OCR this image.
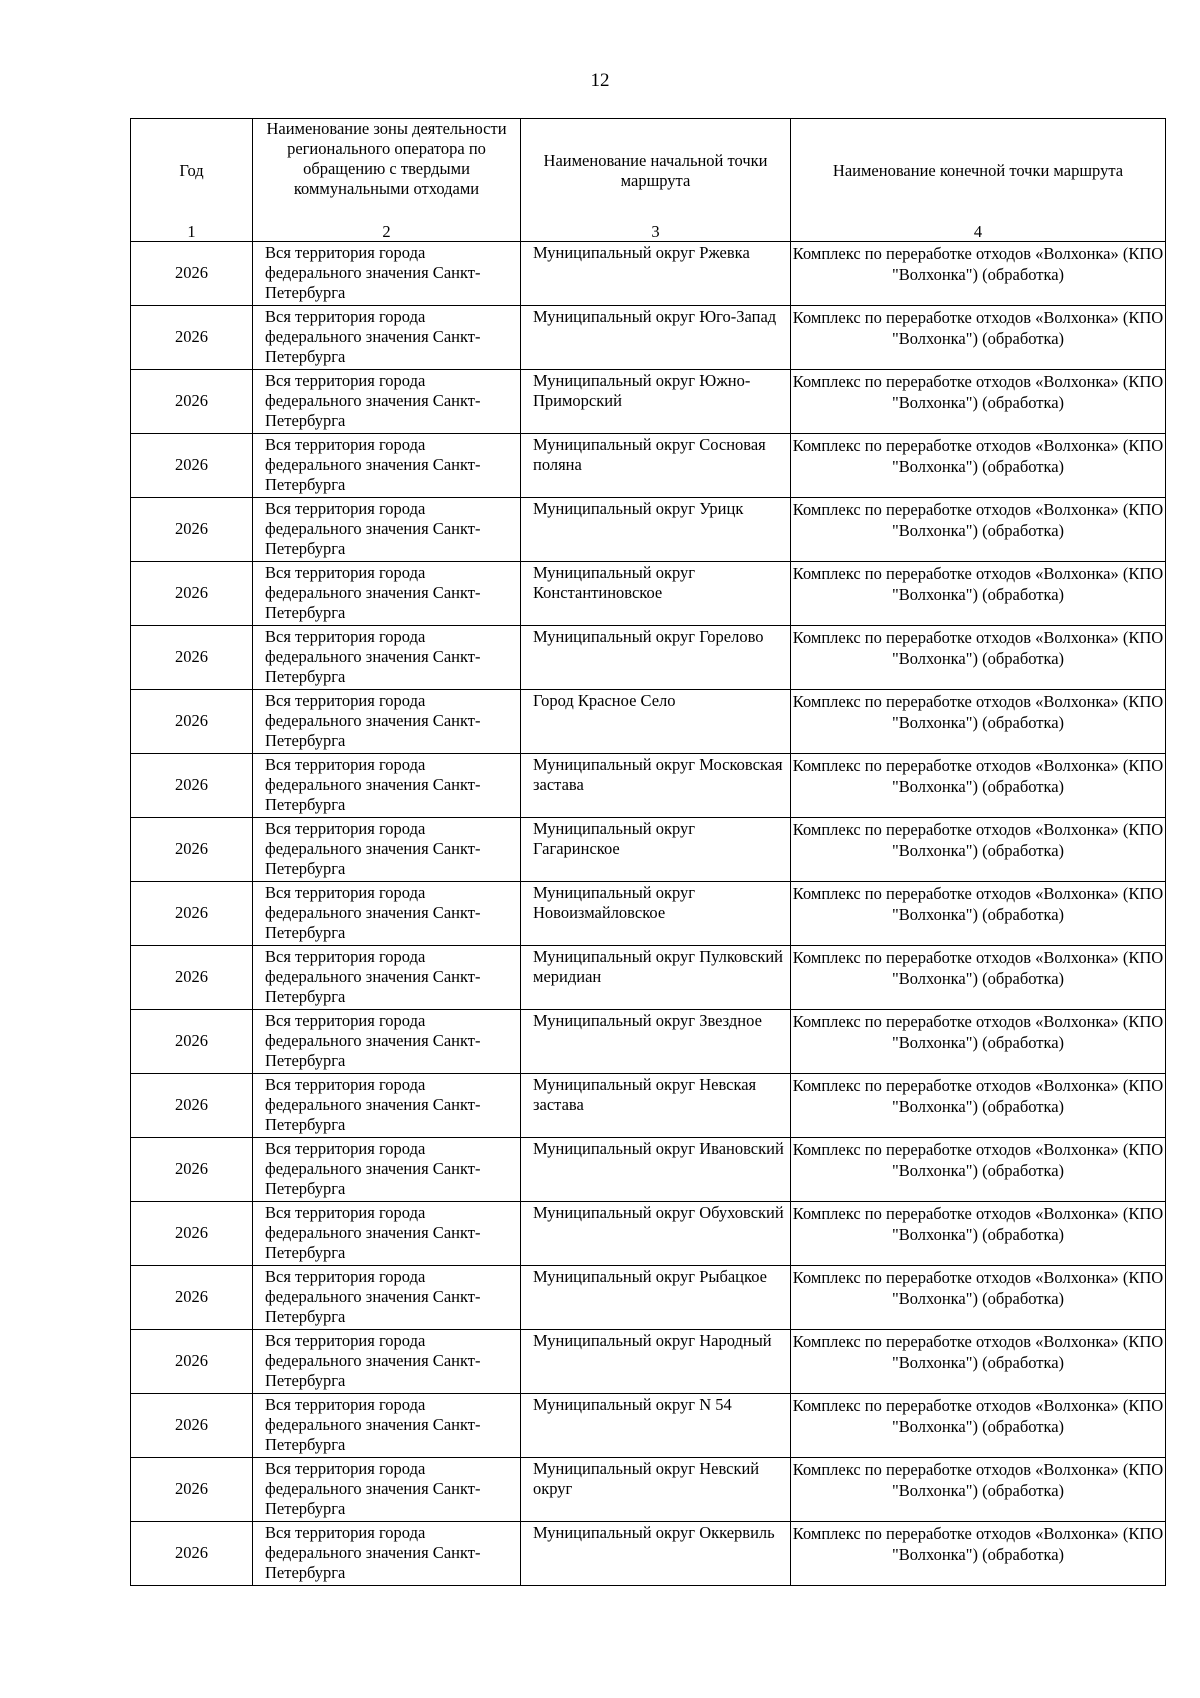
12
Год	Наименование зоны деятельности регионального оператора по обращению с твердыми коммунальными отходами	Наименование начальной точки маршрута	Наименование конечной точки маршрута
1	2	3	4
2026	Вся территория города федерального значения Санкт-Петербурга	Муниципальный округ Ржевка	Комплекс по переработке отходов «Волхонка» (КПО "Волхонка") (обработка)
2026	Вся территория города федерального значения Санкт-Петербурга	Муниципальный округ Юго-Запад	Комплекс по переработке отходов «Волхонка» (КПО "Волхонка") (обработка)
2026	Вся территория города федерального значения Санкт-Петербурга	Муниципальный округ Южно-Приморский	Комплекс по переработке отходов «Волхонка» (КПО "Волхонка") (обработка)
2026	Вся территория города федерального значения Санкт-Петербурга	Муниципальный округ Сосновая поляна	Комплекс по переработке отходов «Волхонка» (КПО "Волхонка") (обработка)
2026	Вся территория города федерального значения Санкт-Петербурга	Муниципальный округ Урицк	Комплекс по переработке отходов «Волхонка» (КПО "Волхонка") (обработка)
2026	Вся территория города федерального значения Санкт-Петербурга	Муниципальный округ Константиновское	Комплекс по переработке отходов «Волхонка» (КПО "Волхонка") (обработка)
2026	Вся территория города федерального значения Санкт-Петербурга	Муниципальный округ Горелово	Комплекс по переработке отходов «Волхонка» (КПО "Волхонка") (обработка)
2026	Вся территория города федерального значения Санкт-Петербурга	Город Красное Село	Комплекс по переработке отходов «Волхонка» (КПО "Волхонка") (обработка)
2026	Вся территория города федерального значения Санкт-Петербурга	Муниципальный округ Московская застава	Комплекс по переработке отходов «Волхонка» (КПО "Волхонка") (обработка)
2026	Вся территория города федерального значения Санкт-Петербурга	Муниципальный округ Гагаринское	Комплекс по переработке отходов «Волхонка» (КПО "Волхонка") (обработка)
2026	Вся территория города федерального значения Санкт-Петербурга	Муниципальный округ Новоизмайловское	Комплекс по переработке отходов «Волхонка» (КПО "Волхонка") (обработка)
2026	Вся территория города федерального значения Санкт-Петербурга	Муниципальный округ Пулковский меридиан	Комплекс по переработке отходов «Волхонка» (КПО "Волхонка") (обработка)
2026	Вся территория города федерального значения Санкт-Петербурга	Муниципальный округ Звездное	Комплекс по переработке отходов «Волхонка» (КПО "Волхонка") (обработка)
2026	Вся территория города федерального значения Санкт-Петербурга	Муниципальный округ Невская застава	Комплекс по переработке отходов «Волхонка» (КПО "Волхонка") (обработка)
2026	Вся территория города федерального значения Санкт-Петербурга	Муниципальный округ Ивановский	Комплекс по переработке отходов «Волхонка» (КПО "Волхонка") (обработка)
2026	Вся территория города федерального значения Санкт-Петербурга	Муниципальный округ Обуховский	Комплекс по переработке отходов «Волхонка» (КПО "Волхонка") (обработка)
2026	Вся территория города федерального значения Санкт-Петербурга	Муниципальный округ Рыбацкое	Комплекс по переработке отходов «Волхонка» (КПО "Волхонка") (обработка)
2026	Вся территория города федерального значения Санкт-Петербурга	Муниципальный округ Народный	Комплекс по переработке отходов «Волхонка» (КПО "Волхонка") (обработка)
2026	Вся территория города федерального значения Санкт-Петербурга	Муниципальный округ N 54	Комплекс по переработке отходов «Волхонка» (КПО "Волхонка") (обработка)
2026	Вся территория города федерального значения Санкт-Петербурга	Муниципальный округ Невский округ	Комплекс по переработке отходов «Волхонка» (КПО "Волхонка") (обработка)
2026	Вся территория города федерального значения Санкт-Петербурга	Муниципальный округ Оккервиль	Комплекс по переработке отходов «Волхонка» (КПО "Волхонка") (обработка)
